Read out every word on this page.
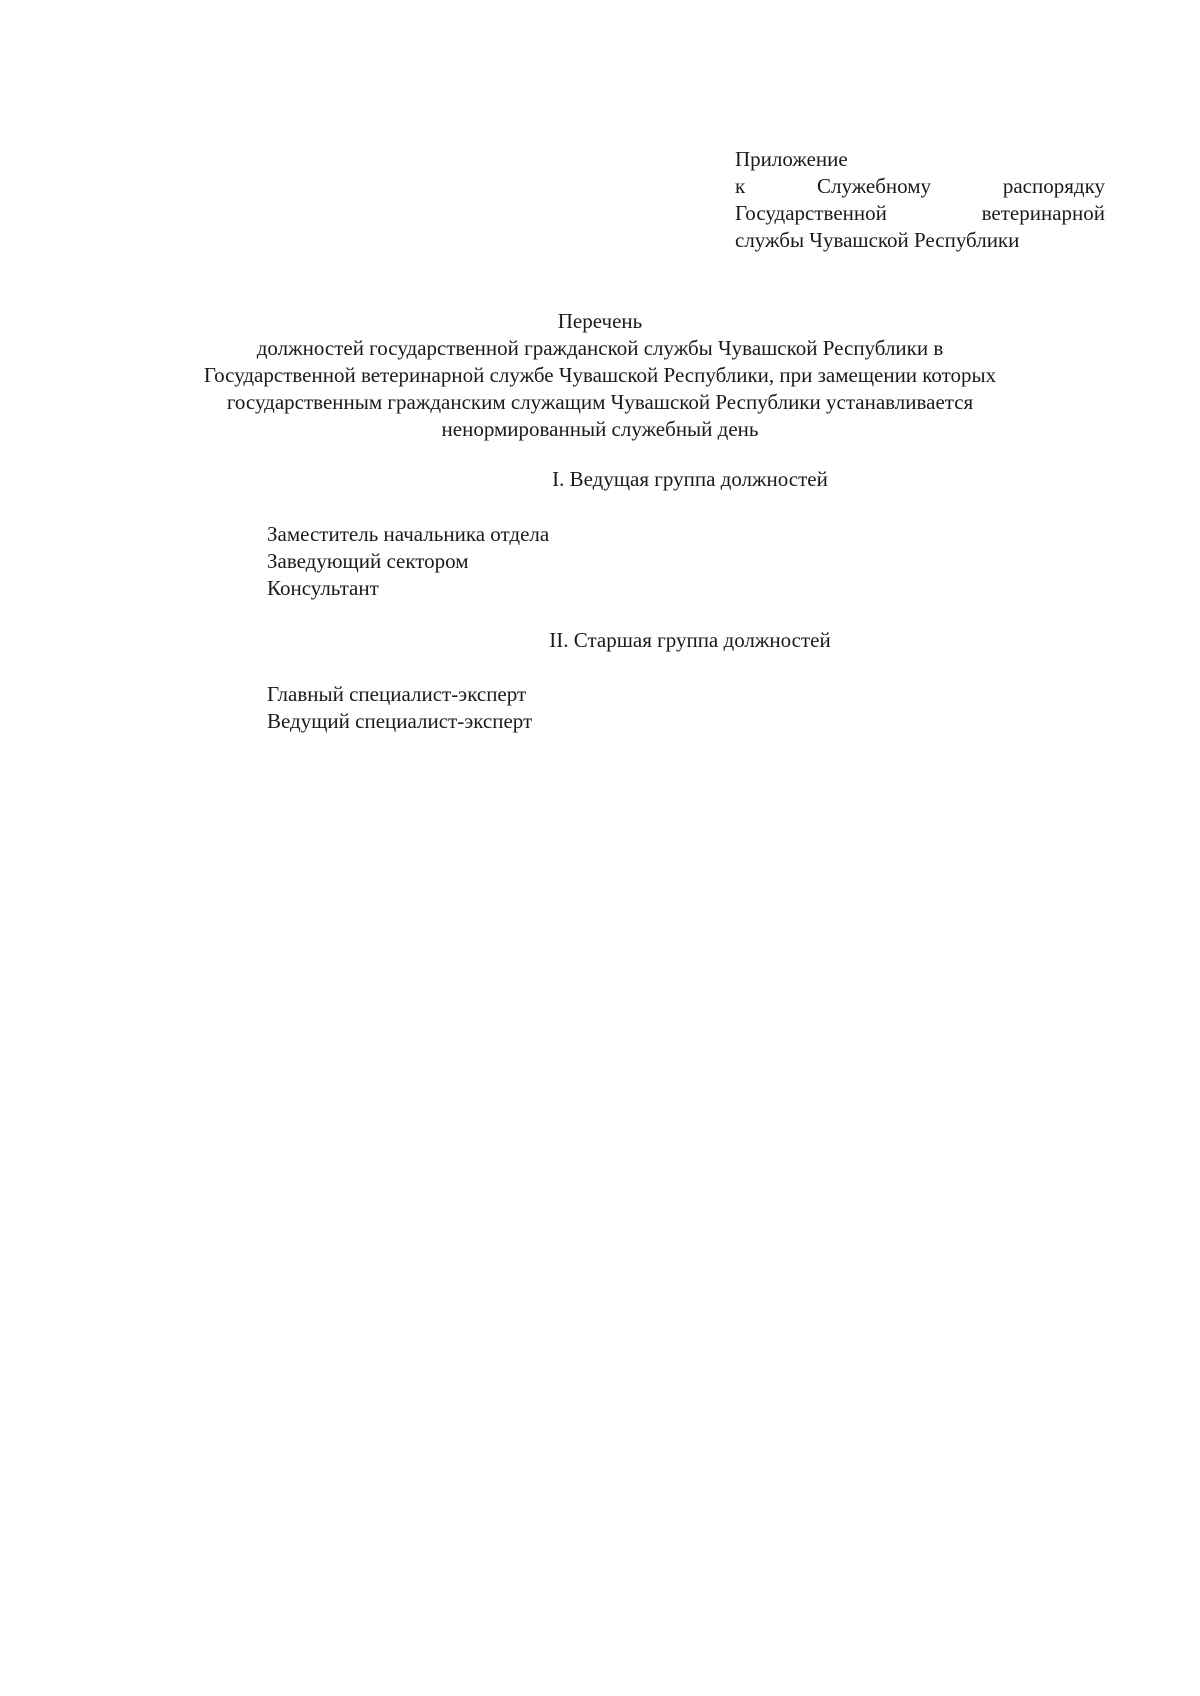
Приложение
к	Служебному	распорядку
Государственной	ветеринарной
службы Чувашской Республики
Перечень
должностей государственной гражданской службы Чувашской Республики в
Государственной ветеринарной службе Чувашской Республики, при замещении которых
государственным гражданским служащим Чувашской Республики устанавливается
ненормированный служебный день
I. Ведущая группа должностей
Заместитель начальника отдела
Заведующий сектором
Консультант
II. Старшая группа должностей
Главный специалист-эксперт
Ведущий специалист-эксперт
